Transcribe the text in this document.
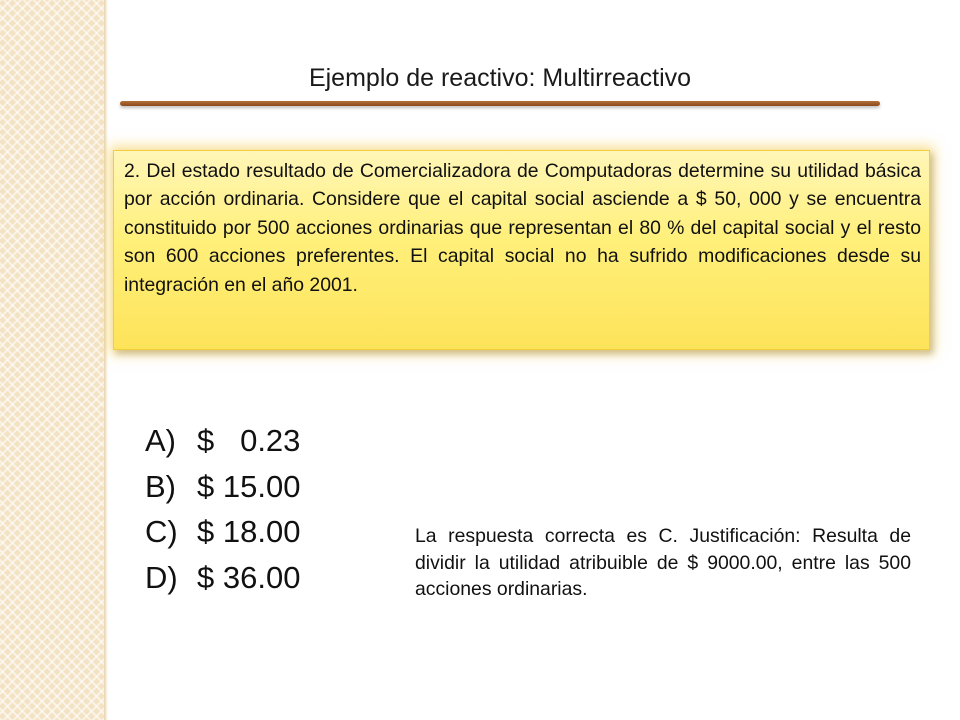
Ejemplo de reactivo: Multirreactivo

2. Del estado resultado de Comercializadora de Computadoras determine su utilidad básica por acción ordinaria. Considere que el capital social asciende a $ 50, 000 y se encuentra constituido por 500 acciones ordinarias que representan el 80 % del capital social y el resto son 600 acciones preferentes. El capital social no ha sufrido modificaciones desde su integración en el año 2001.

A) $   0.23
B) $ 15.00
C) $ 18.00
D) $ 36.00

La respuesta correcta es C. Justificación: Resulta de dividir la utilidad atribuible de $ 9000.00, entre las 500 acciones ordinarias.
